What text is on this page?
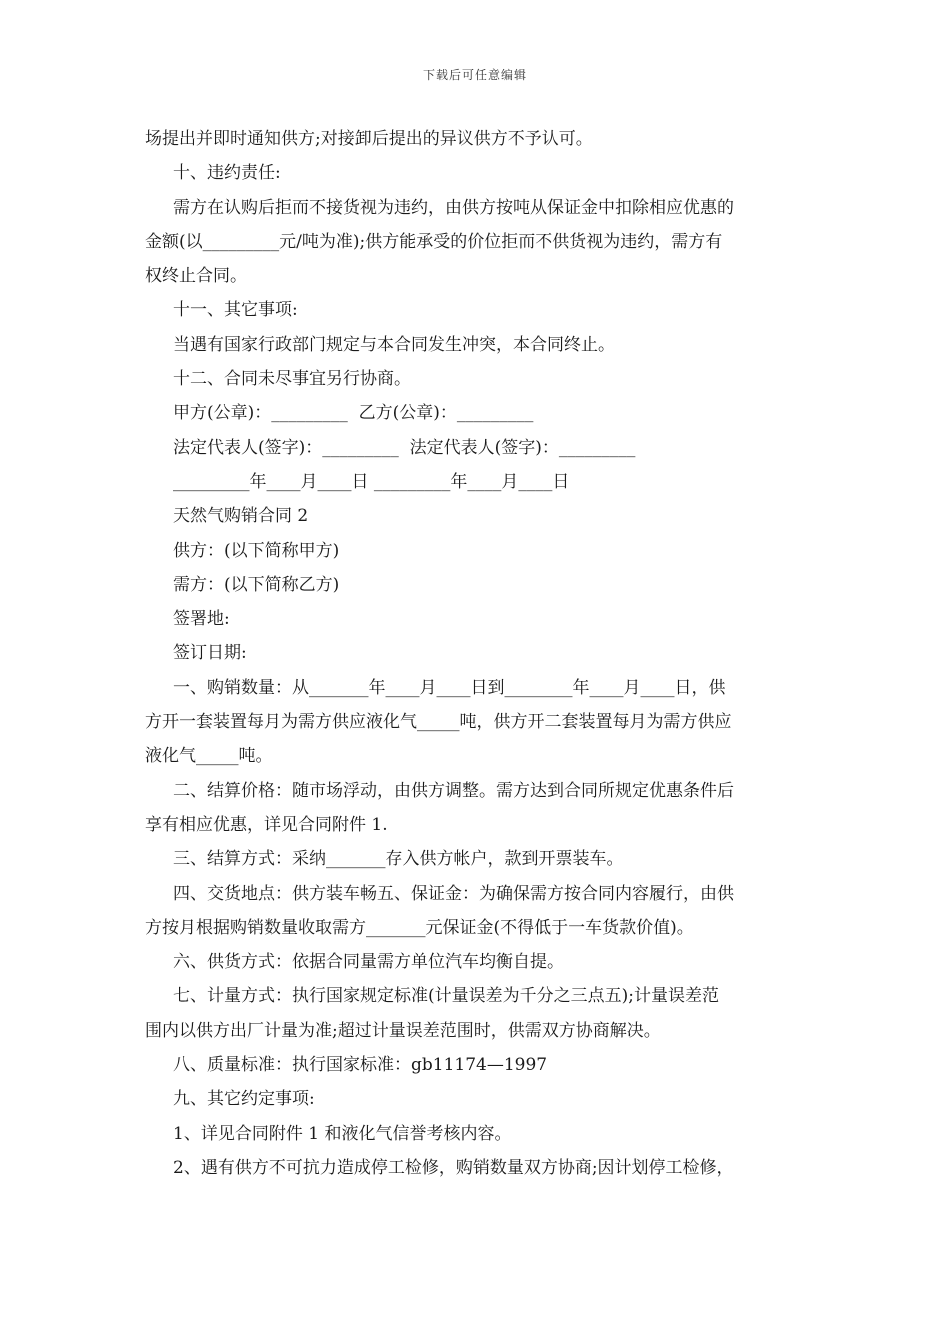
下载后可任意编辑
场提出并即时通知供方;对接卸后提出的异议供方不予认可。
十、违约责任:
需方在认购后拒而不接货视为违约，由供方按吨从保证金中扣除相应优惠的
金额(以_________元/吨为准);供方能承受的价位拒而不供货视为违约，需方有
权终止合同。
十一、其它事项:
当遇有国家行政部门规定与本合同发生冲突，本合同终止。
十二、合同未尽事宜另行协商。
甲方(公章)：_________  乙方(公章)：_________
法定代表人(签字)：_________  法定代表人(签字)：_________
_________年____月____日 _________年____月____日
天然气购销合同 2
供方：(以下简称甲方)
需方：(以下简称乙方)
签署地:
签订日期:
一、购销数量：从_______年____月____日到________年____月____日，供
方开一套装置每月为需方供应液化气_____吨，供方开二套装置每月为需方供应
液化气_____吨。
二、结算价格：随市场浮动，由供方调整。需方达到合同所规定优惠条件后
享有相应优惠，详见合同附件 1.
三、结算方式：采纳_______存入供方帐户，款到开票装车。
四、交货地点：供方装车畅五、保证金：为确保需方按合同内容履行，由供
方按月根据购销数量收取需方_______元保证金(不得低于一车货款价值)。
六、供货方式：依据合同量需方单位汽车均衡自提。
七、计量方式：执行国家规定标准(计量误差为千分之三点五);计量误差范
围内以供方出厂计量为准;超过计量误差范围时，供需双方协商解决。
八、质量标准：执行国家标准：gb11174—1997
九、其它约定事项:
1、详见合同附件 1 和液化气信誉考核内容。
2、遇有供方不可抗力造成停工检修，购销数量双方协商;因计划停工检修，
